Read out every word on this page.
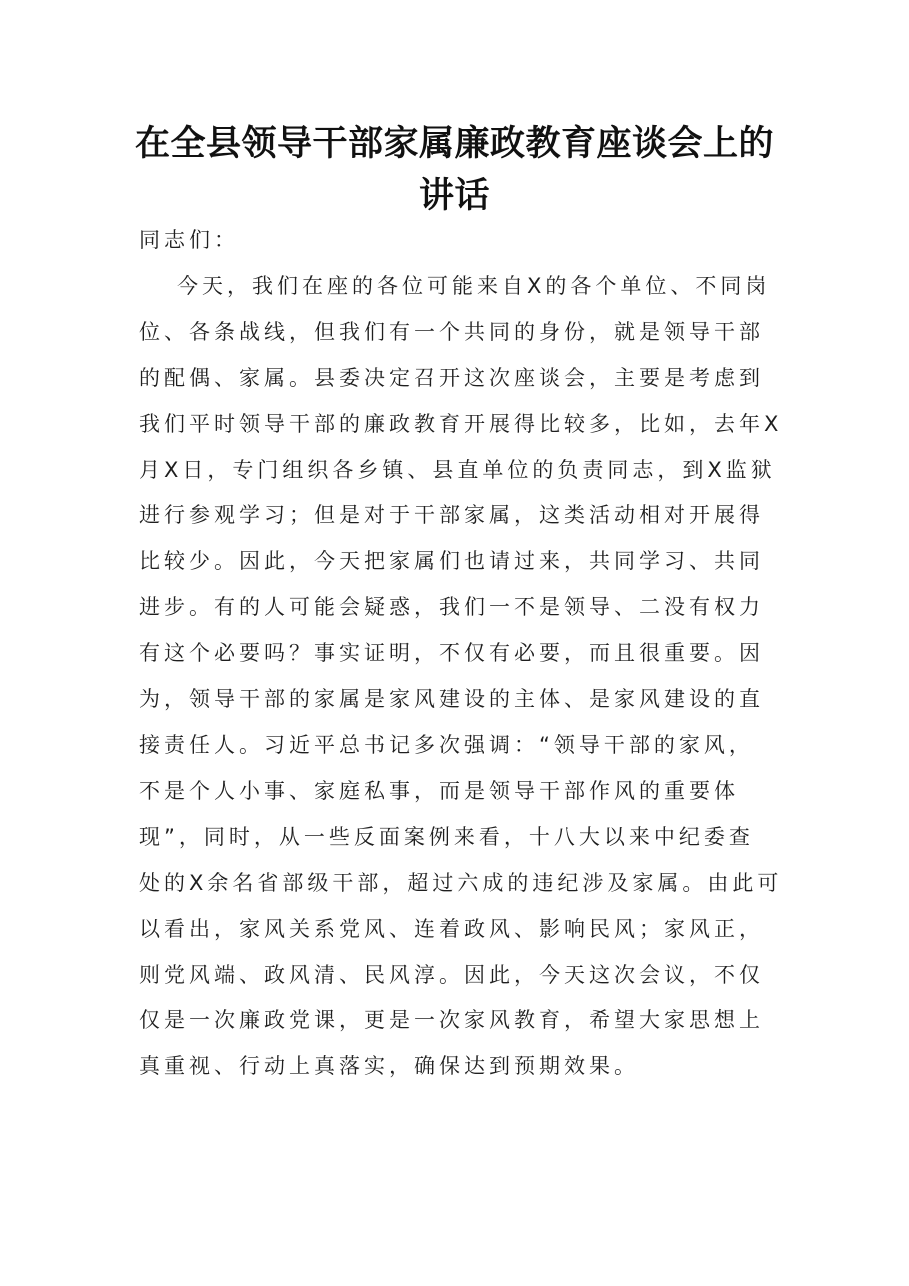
在全县领导干部家属廉政教育座谈会上的
讲话

同志们：

今天，我们在座的各位可能来自X的各个单位、不同岗

位、各条战线，但我们有一个共同的身份，就是领导干部

的配偶、家属。县委决定召开这次座谈会，主要是考虑到

我们平时领导干部的廉政教育开展得比较多，比如，去年X

月X日，专门组织各乡镇、县直单位的负责同志，到X监狱

进行参观学习；但是对于干部家属，这类活动相对开展得

比较少。因此，今天把家属们也请过来，共同学习、共同

进步。有的人可能会疑惑，我们一不是领导、二没有权力

有这个必要吗？事实证明，不仅有必要，而且很重要。因

为，领导干部的家属是家风建设的主体、是家风建设的直

接责任人。习近平总书记多次强调：“领导干部的家风，

不是个人小事、家庭私事，而是领导干部作风的重要体

现”，同时，从一些反面案例来看，十八大以来中纪委查

处的X余名省部级干部，超过六成的违纪涉及家属。由此可

以看出，家风关系党风、连着政风、影响民风；家风正，

则党风端、政风清、民风淳。因此，今天这次会议，不仅

仅是一次廉政党课，更是一次家风教育，希望大家思想上

真重视、行动上真落实，确保达到预期效果。
